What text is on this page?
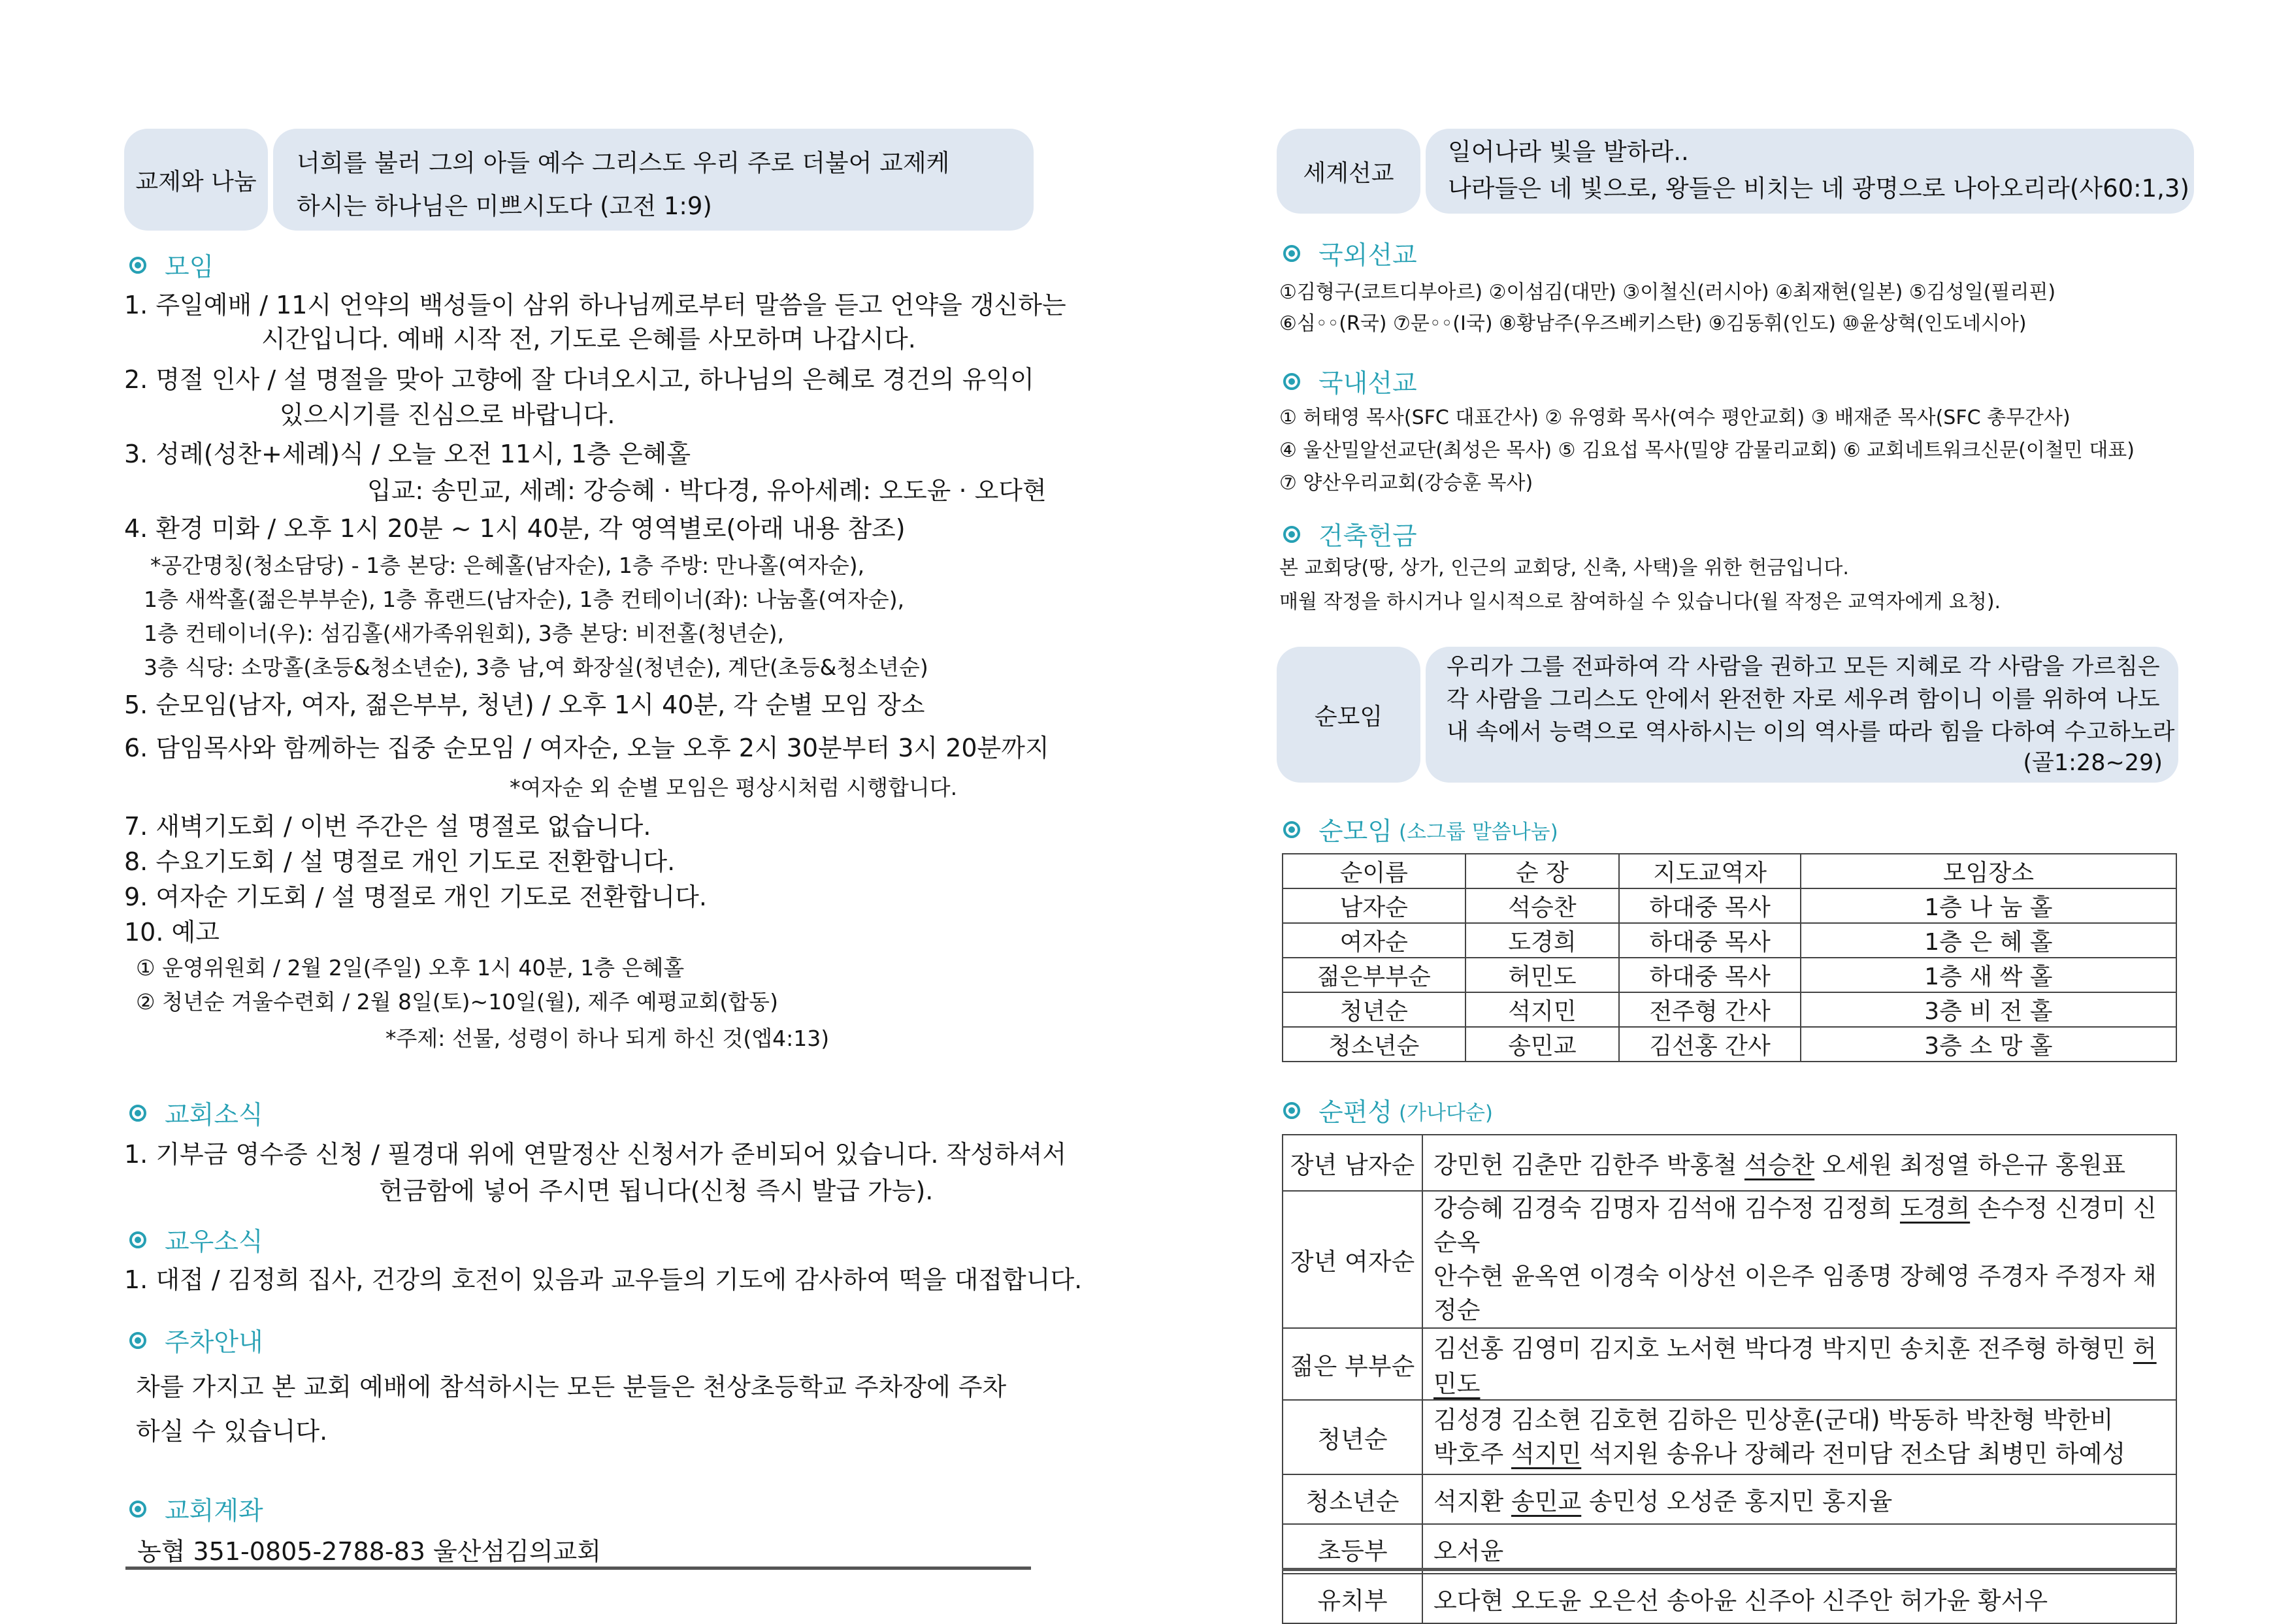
교제와 나눔
너희를 불러 그의 아들 예수 그리스도 우리 주로 더불어 교제케
하시는 하나님은 미쁘시도다 (고전 1:9)
모임
1. 주일예배 / 11시 언약의 백성들이 삼위 하나님께로부터 말씀을 듣고 언약을 갱신하는
시간입니다. 예배 시작 전, 기도로 은혜를 사모하며 나갑시다.
2. 명절 인사 / 설 명절을 맞아 고향에 잘 다녀오시고, 하나님의 은혜로 경건의 유익이
있으시기를 진심으로 바랍니다.
3. 성례(성찬+세례)식 / 오늘 오전 11시, 1층 은혜홀
입교: 송민교, 세례: 강승혜 · 박다경, 유아세례: 오도윤 · 오다현
4. 환경 미화 / 오후 1시 20분 ~ 1시 40분, 각 영역별로(아래 내용 참조)
*공간명칭(청소담당) - 1층 본당: 은혜홀(남자순), 1층 주방: 만나홀(여자순),
1층 새싹홀(젊은부부순), 1층 휴랜드(남자순), 1층 컨테이너(좌): 나눔홀(여자순),
1층 컨테이너(우): 섬김홀(새가족위원회), 3층 본당: 비전홀(청년순),
3층 식당: 소망홀(초등&청소년순), 3층 남,여 화장실(청년순), 계단(초등&청소년순)
5. 순모임(남자, 여자, 젊은부부, 청년) / 오후 1시 40분, 각 순별 모임 장소
6. 담임목사와 함께하는 집중 순모임 / 여자순, 오늘 오후 2시 30분부터 3시 20분까지
*여자순 외 순별 모임은 평상시처럼 시행합니다.
7. 새벽기도회 / 이번 주간은 설 명절로 없습니다.
8. 수요기도회 / 설 명절로 개인 기도로 전환합니다.
9. 여자순 기도회 / 설 명절로 개인 기도로 전환합니다.
10. 예고
① 운영위원회 / 2월 2일(주일) 오후 1시 40분, 1층 은혜홀
② 청년순 겨울수련회 / 2월 8일(토)~10일(월), 제주 예평교회(합동)
*주제: 선물, 성령이 하나 되게 하신 것(엡4:13)
교회소식
1. 기부금 영수증 신청 / 필경대 위에 연말정산 신청서가 준비되어 있습니다. 작성하셔서
헌금함에 넣어 주시면 됩니다(신청 즉시 발급 가능).
교우소식
1. 대접 / 김정희 집사, 건강의 호전이 있음과 교우들의 기도에 감사하여 떡을 대접합니다.
주차안내
차를 가지고 본 교회 예배에 참석하시는 모든 분들은 천상초등학교 주차장에 주차
하실 수 있습니다.
교회계좌
농협 351-0805-2788-83 울산섬김의교회
세계선교
일어나라 빛을 발하라..
나라들은 네 빛으로, 왕들은 비치는 네 광명으로 나아오리라(사60:1,3)
국외선교
①김형구(코트디부아르) ②이섬김(대만) ③이철신(러시아) ④최재현(일본) ⑤김성일(필리핀)
⑥심◦◦(R국) ⑦문◦◦(I국) ⑧황남주(우즈베키스탄) ⑨김동휘(인도) ⑩윤상혁(인도네시아)
국내선교
① 허태영 목사(SFC 대표간사) ② 유영화 목사(여수 평안교회) ③ 배재준 목사(SFC 총무간사)
④ 울산밀알선교단(최성은 목사) ⑤ 김요섭 목사(밀양 감물리교회) ⑥ 교회네트워크신문(이철민 대표)
⑦ 양산우리교회(강승훈 목사)
건축헌금
본 교회당(땅, 상가, 인근의 교회당, 신축, 사택)을 위한 헌금입니다.
매월 작정을 하시거나 일시적으로 참여하실 수 있습니다(월 작정은 교역자에게 요청).
순모임
우리가 그를 전파하여 각 사람을 권하고 모든 지혜로 각 사람을 가르침은
각 사람을 그리스도 안에서 완전한 자로 세우려 함이니 이를 위하여 나도
내 속에서 능력으로 역사하시는 이의 역사를 따라 힘을 다하여 수고하노라
(골1:28~29)
순모임 (소그룹 말씀나눔)
순이름	순 장	지도교역자	모임장소
남자순	석승찬	하대중 목사	1층 나 눔 홀
여자순	도경희	하대중 목사	1층 은 혜 홀
젊은부부순	허민도	하대중 목사	1층 새 싹 홀
청년순	석지민	전주형 간사	3층 비 전 홀
청소년순	송민교	김선홍 간사	3층 소 망 홀
순편성 (가나다순)
장년 남자순	강민헌 김춘만 김한주 박홍철 석승찬 오세원 최정열 하은규 홍원표
장년 여자순	강승혜 김경숙 김명자 김석애 김수정 김정희 도경희 손수정 신경미 신순옥
안수현 윤옥연 이경숙 이상선 이은주 임종명 장혜영 주경자 주정자 채정순
젊은 부부순	김선홍 김영미 김지호 노서현 박다경 박지민 송치훈 전주형 하형민 허민도
청년순	김성경 김소현 김호현 김하은 민상훈(군대) 박동하 박찬형 박한비
박호주 석지민 석지원 송유나 장혜라 전미담 전소담 최병민 하예성
청소년순	석지환 송민교 송민성 오성준 홍지민 홍지율
초등부	오서윤
유치부	오다현 오도윤 오은선 송아윤 신주아 신주안 허가윤 황서우
